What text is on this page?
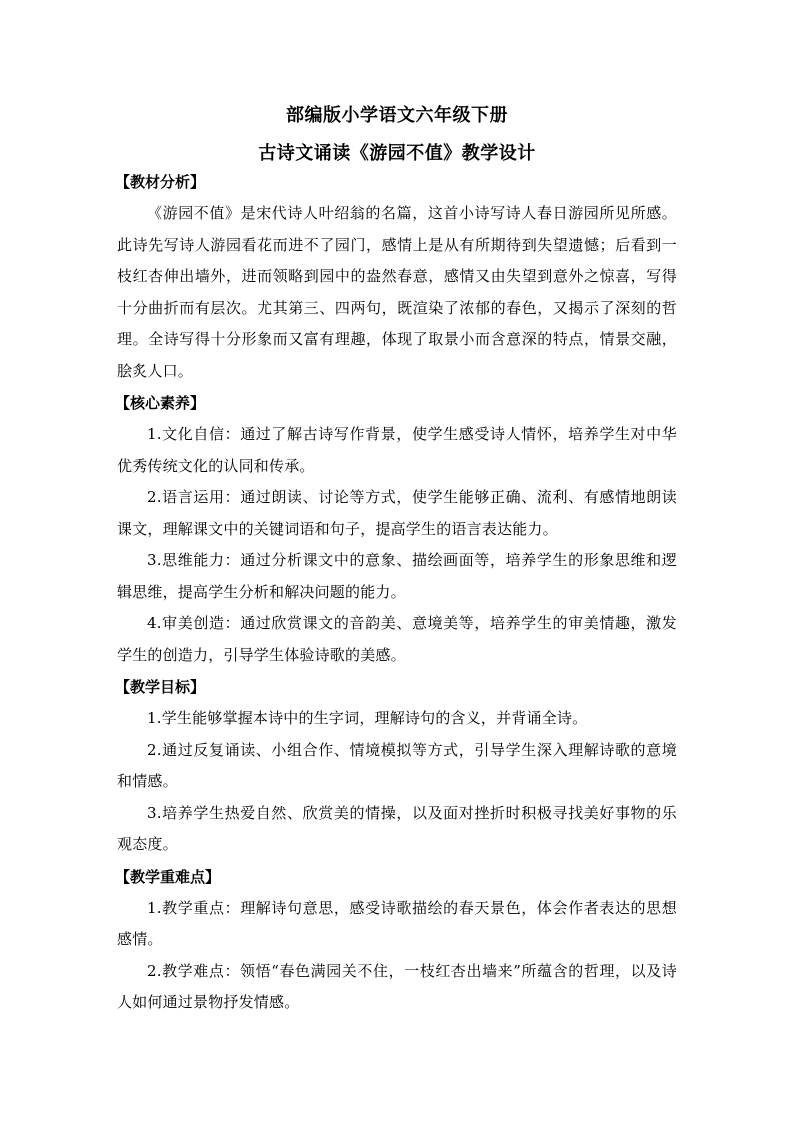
部编版小学语文六年级下册
古诗文诵读《游园不值》教学设计
【教材分析】

《游园不值》是宋代诗人叶绍翁的名篇，这首小诗写诗人春日游园所见所感。此诗先写诗人游园看花而进不了园门，感情上是从有所期待到失望遗憾；后看到一枝红杏伸出墙外，进而领略到园中的盎然春意，感情又由失望到意外之惊喜，写得十分曲折而有层次。尤其第三、四两句，既渲染了浓郁的春色，又揭示了深刻的哲理。全诗写得十分形象而又富有理趣，体现了取景小而含意深的特点，情景交融，脍炙人口。

【核心素养】

1.文化自信：通过了解古诗写作背景，使学生感受诗人情怀，培养学生对中华优秀传统文化的认同和传承。

2.语言运用：通过朗读、讨论等方式，使学生能够正确、流利、有感情地朗读课文，理解课文中的关键词语和句子，提高学生的语言表达能力。

3.思维能力：通过分析课文中的意象、描绘画面等，培养学生的形象思维和逻辑思维，提高学生分析和解决问题的能力。

4.审美创造：通过欣赏课文的音韵美、意境美等，培养学生的审美情趣，激发学生的创造力，引导学生体验诗歌的美感。

【教学目标】

1.学生能够掌握本诗中的生字词，理解诗句的含义，并背诵全诗。

2.通过反复诵读、小组合作、情境模拟等方式，引导学生深入理解诗歌的意境和情感。

3.培养学生热爱自然、欣赏美的情操，以及面对挫折时积极寻找美好事物的乐观态度。

【教学重难点】

1.教学重点：理解诗句意思，感受诗歌描绘的春天景色，体会作者表达的思想感情。

2.教学难点：领悟“春色满园关不住，一枝红杏出墙来”所蕴含的哲理，以及诗人如何通过景物抒发情感。
